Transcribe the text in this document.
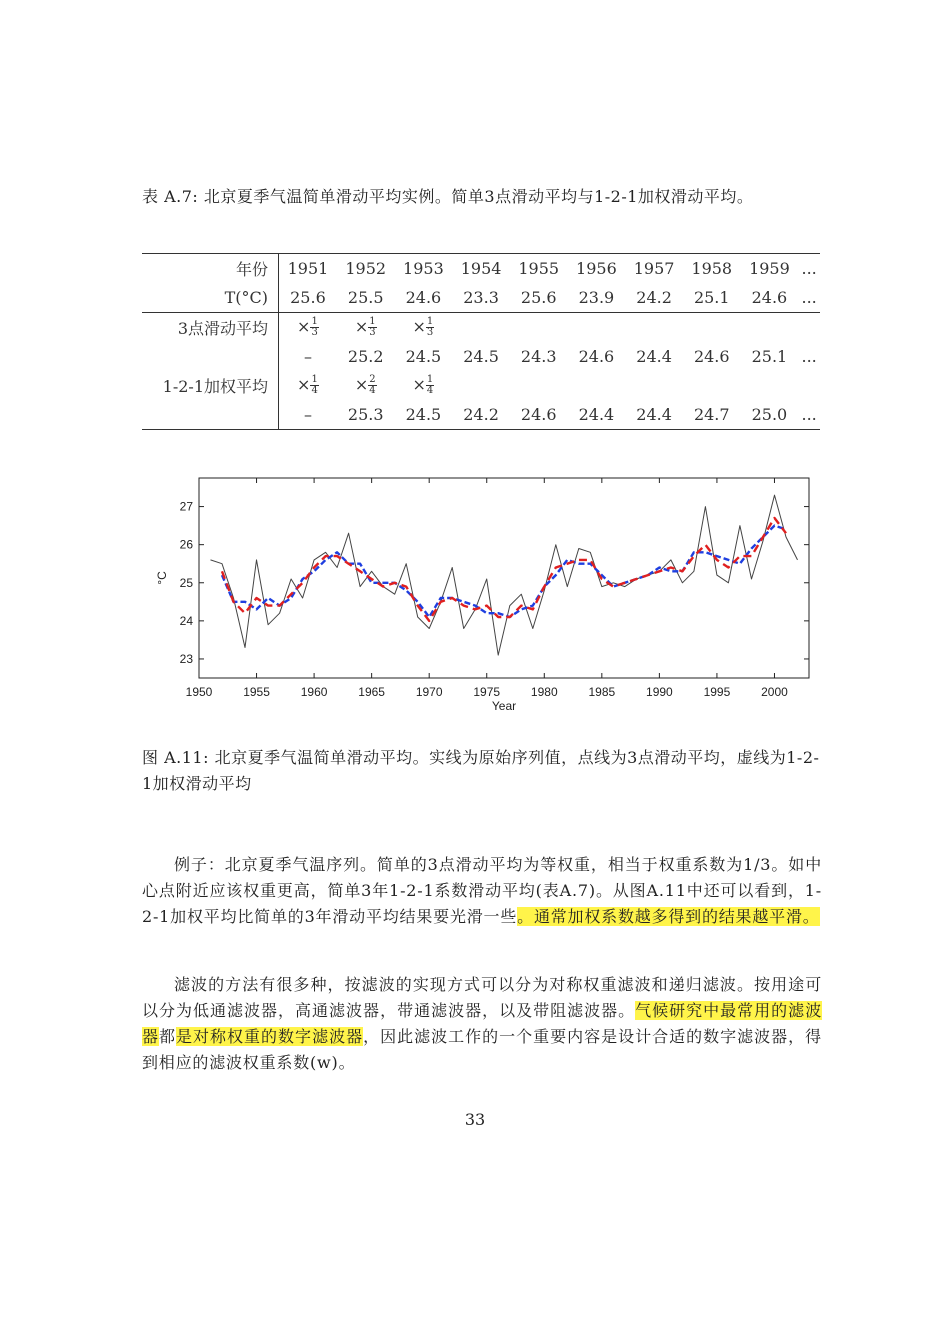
表 A.7: 北京夏季气温简单滑动平均实例。简单3点滑动平均与1-2-1加权滑动平均。
年份	1951	1952	1953	1954	1955	1956	1957	1958	1959	...
T(°C)	25.6	25.5	24.6	23.3	25.6	23.9	24.2	25.1	24.6	...
3点滑动平均	× $\frac{1}{3}$	× $\frac{1}{3}$	× $\frac{1}{3}$

	–	25.2	24.5	24.5	24.3	24.6	24.4	24.6	25.1	...
1-2-1加权平均	× $\frac{1}{4}$	× $\frac{2}{4}$	× $\frac{1}{4}$

	–	25.3	24.5	24.2	24.6	24.4	24.4	24.7	25.0	...
1950	1955	1960	1965	1970	1975	1980	1985	1990	1995	2000
23
24
25
26
27
Year
°C
图 A.11: 北京夏季气温简单滑动平均。实线为原始序列值，点线为3点滑动平均，虚线为1-2-1加权滑动平均
例子：北京夏季气温序列。简单的3点滑动平均为等权重，相当于权重系数为1/3。如中心点附近应该权重更高，简单3年1-2-1系数滑动平均(表A.7)。从图A.11中还可以看到，1-2-1加权平均比简单的3年滑动平均结果要光滑一些。通常加权系数越多得到的结果越平滑。
滤波的方法有很多种，按滤波的实现方式可以分为对称权重滤波和递归滤波。按用途可以分为低通滤波器，高通滤波器，带通滤波器，以及带阻滤波器。气候研究中最常用的滤波器都是对称权重的数字滤波器，因此滤波工作的一个重要内容是设计合适的数字滤波器，得到相应的滤波权重系数(w)。
33
